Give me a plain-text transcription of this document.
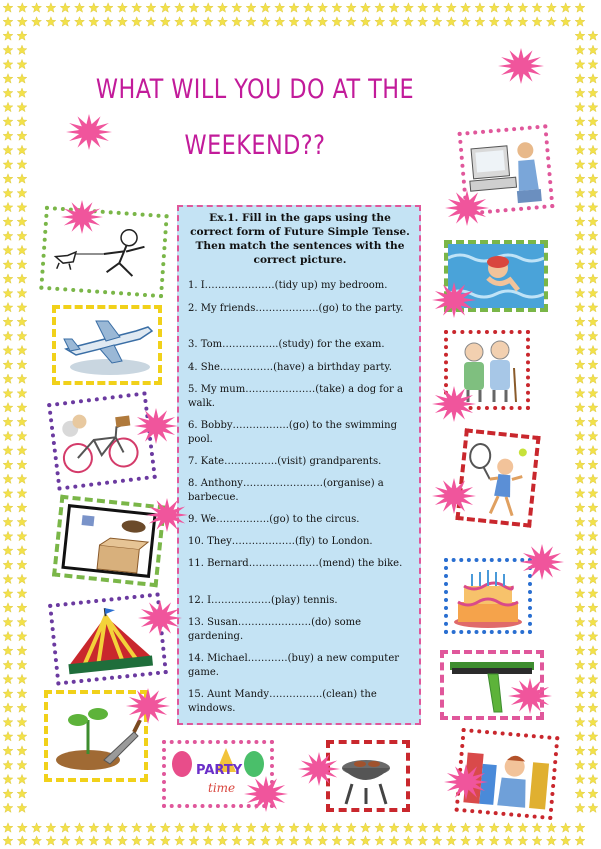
WHAT WILL YOU DO AT THE
WEEKEND??
Ex.1. Fill in the gaps using the correct form of Future Simple Tense. Then match the sentences with the correct picture.
1. I…………………(tidy up) my bedroom.
2. My friends……………….(go) to the party.
3. Tom……………..(study) for the exam.
4. She…………….(have) a birthday party.
5. My mum…………………(take) a dog for a walk.
6. Bobby……………..(go) to the swimming pool.
7. Kate…………….(visit) grandparents.
8. Anthony……………………(organise) a barbecue.
9. We…………….(go) to the circus.
10. They……………….(fly) to London.
11. Bernard…………………(mend) the bike.
12. I………………(play) tennis.
13. Susan………………….(do) some gardening.
14. Michael…………(buy) a new computer game.
15. Aunt Mandy…………….(clean) the windows.
PARTY
time
